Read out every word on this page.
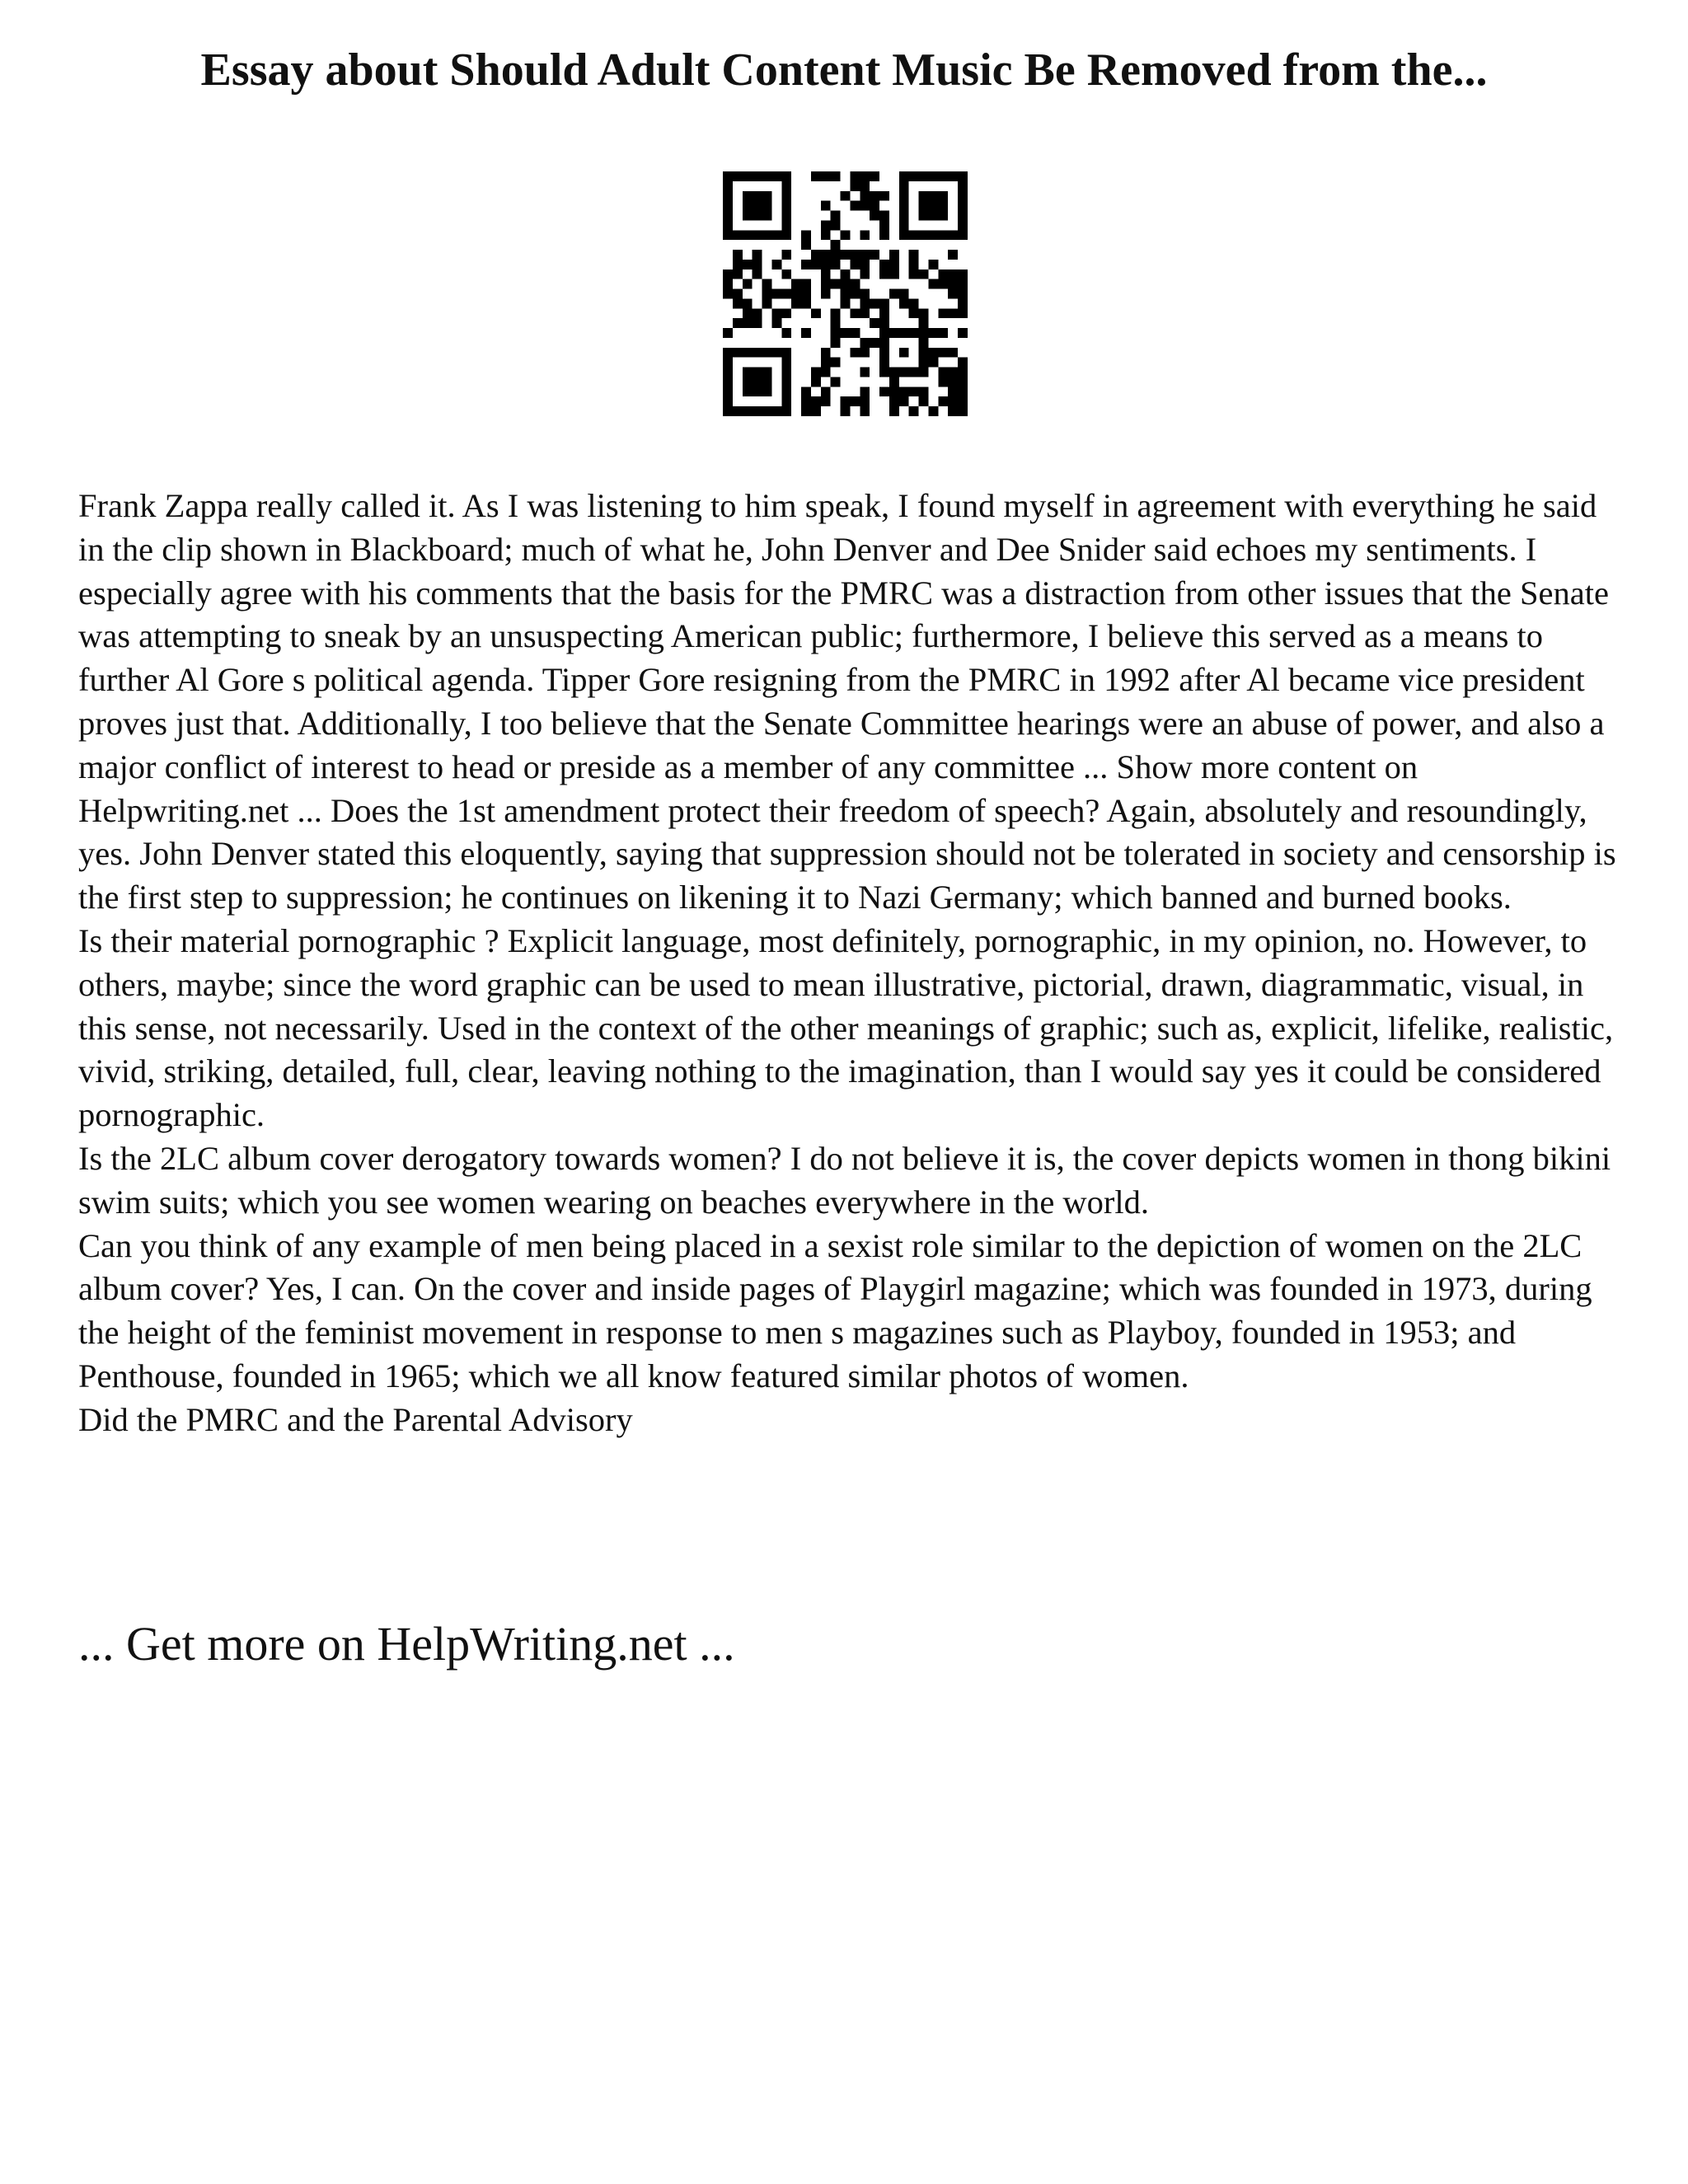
Essay about Should Adult Content Music Be Removed from the...

Frank Zappa really called it. As I was listening to him speak, I found myself in agreement with everything he said in the clip shown in Blackboard; much of what he, John Denver and Dee Snider said echoes my sentiments. I especially agree with his comments that the basis for the PMRC was a distraction from other issues that the Senate was attempting to sneak by an unsuspecting American public; furthermore, I believe this served as a means to further Al Gore s political agenda. Tipper Gore resigning from the PMRC in 1992 after Al became vice president proves just that. Additionally, I too believe that the Senate Committee hearings were an abuse of power, and also a major conflict of interest to head or preside as a member of any committee ... Show more content on Helpwriting.net ... Does the 1st amendment protect their freedom of speech? Again, absolutely and resoundingly, yes. John Denver stated this eloquently, saying that suppression should not be tolerated in society and censorship is the first step to suppression; he continues on likening it to Nazi Germany; which banned and burned books.

Is their material pornographic ? Explicit language, most definitely, pornographic, in my opinion, no. However, to others, maybe; since the word graphic can be used to mean illustrative, pictorial, drawn, diagrammatic, visual, in this sense, not necessarily. Used in the context of the other meanings of graphic; such as, explicit, lifelike, realistic, vivid, striking, detailed, full, clear, leaving nothing to the imagination, than I would say yes it could be considered pornographic.

Is the 2LC album cover derogatory towards women? I do not believe it is, the cover depicts women in thong bikini swim suits; which you see women wearing on beaches everywhere in the world.

Can you think of any example of men being placed in a sexist role similar to the depiction of women on the 2LC album cover? Yes, I can. On the cover and inside pages of Playgirl magazine; which was founded in 1973, during the height of the feminist movement in response to men s magazines such as Playboy, founded in 1953; and Penthouse, founded in 1965; which we all know featured similar photos of women.

Did the PMRC and the Parental Advisory

... Get more on HelpWriting.net ...
